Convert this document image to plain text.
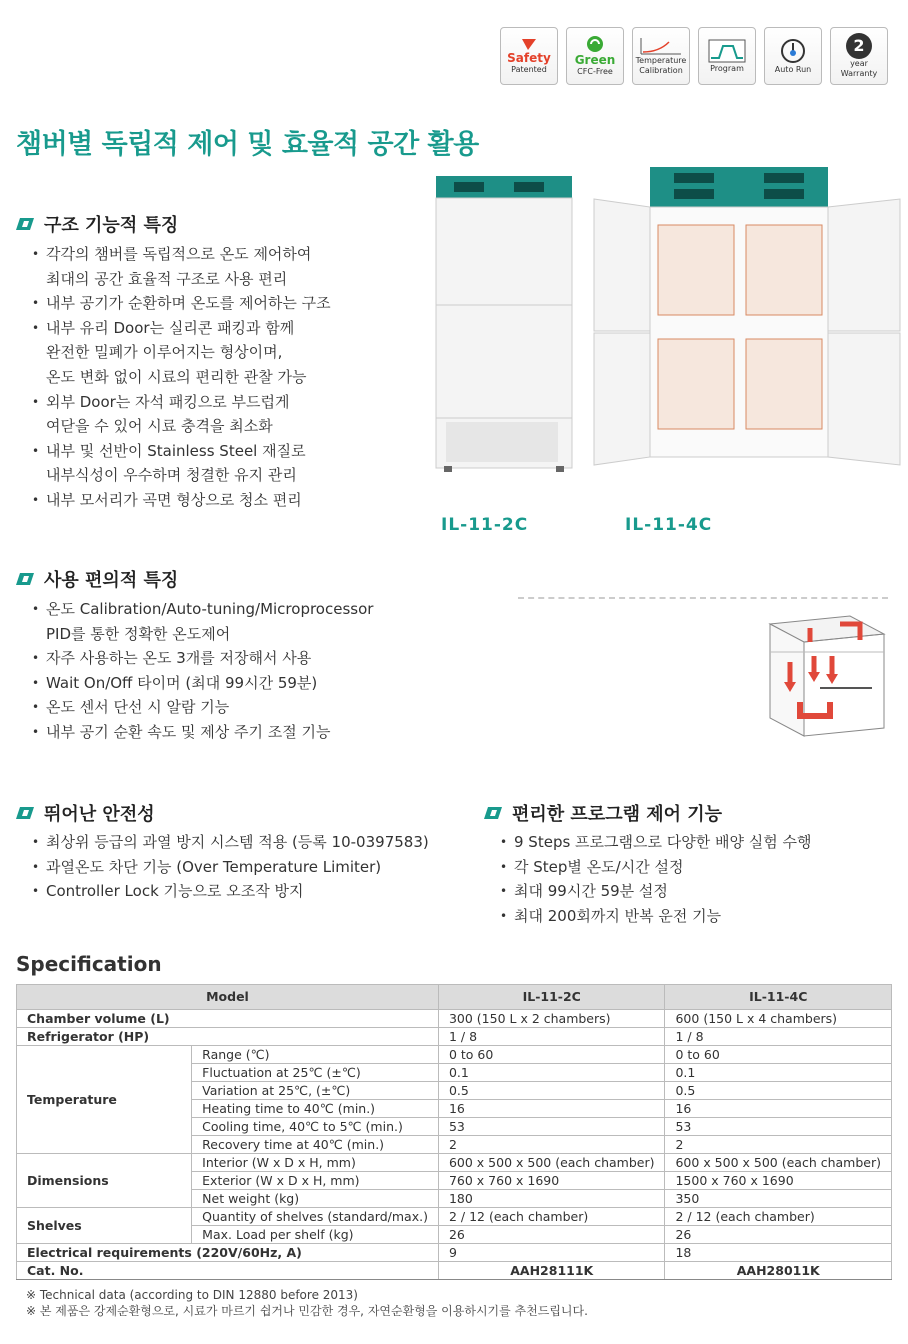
Safety
Patented
Green
CFC-Free
Temperature
Calibration	Program	Auto Run
2
year
Warranty
챔버별 독립적 제어 및 효율적 공간 활용
구조 기능적 특징
• 각각의 챔버를 독립적으로 온도 제어하여
최대의 공간 효율적 구조로 사용 편리
• 내부 공기가 순환하며 온도를 제어하는 구조
• 내부 유리 Door는 실리콘 패킹과 함께
완전한 밀폐가 이루어지는 형상이며,
온도 변화 없이 시료의 편리한 관찰 가능
• 외부 Door는 자석 패킹으로 부드럽게
여닫을 수 있어 시료 충격을 최소화
• 내부 및 선반이 Stainless Steel 재질로
내부식성이 우수하며 청결한 유지 관리
• 내부 모서리가 곡면 형상으로 청소 편리
IL-11-2C	IL-11-4C
사용 편의적 특징
• 온도 Calibration/Auto-tuning/Microprocessor
PID를 통한 정확한 온도제어
• 자주 사용하는 온도 3개를 저장해서 사용
• Wait On/Off 타이머 (최대 99시간 59분)
• 온도 센서 단선 시 알람 기능
• 내부 공기 순환 속도 및 제상 주기 조절 기능
뛰어난 안전성
• 최상위 등급의 과열 방지 시스템 적용 (등록 10-0397583)
• 과열온도 차단 기능 (Over Temperature Limiter)
• Controller Lock 기능으로 오조작 방지
편리한 프로그램 제어 기능
• 9 Steps 프로그램으로 다양한 배양 실험 수행
• 각 Step별 온도/시간 설정
• 최대 99시간 59분 설정
• 최대 200회까지 반복 운전 기능
Specification
Model		IL-11-2C	IL-11-4C
Chamber volume (L)		300 (150 L x 2 chambers)	600 (150 L x 4 chambers)
Refrigerator (HP)		1 / 8	1 / 8
Temperature	Range (℃)	0 to 60	0 to 60
	Fluctuation at 25℃ (±℃)	0.1	0.1
	Variation at 25℃, (±℃)	0.5	0.5
	Heating time to 40℃ (min.)	16	16
	Cooling time, 40℃ to 5℃ (min.)	53	53
	Recovery time at 40℃ (min.)	2	2
Dimensions	Interior (W x D x H, mm)	600 x 500 x 500 (each chamber)	600 x 500 x 500 (each chamber)
	Exterior (W x D x H, mm)	760 x 760 x 1690	1500 x 760 x 1690
	Net weight (kg)	180	350
Shelves	Quantity of shelves (standard/max.)	2 / 12 (each chamber)	2 / 12 (each chamber)
	Max. Load per shelf (kg)	26	26
Electrical requirements (220V/60Hz, A)		9	18
Cat. No.		AAH28111K	AAH28011K
※ Technical data (according to DIN 12880 before 2013)
※ 본 제품은 강제순환형으로, 시료가 마르기 쉽거나 민감한 경우, 자연순환형을 이용하시기를 추천드립니다.
